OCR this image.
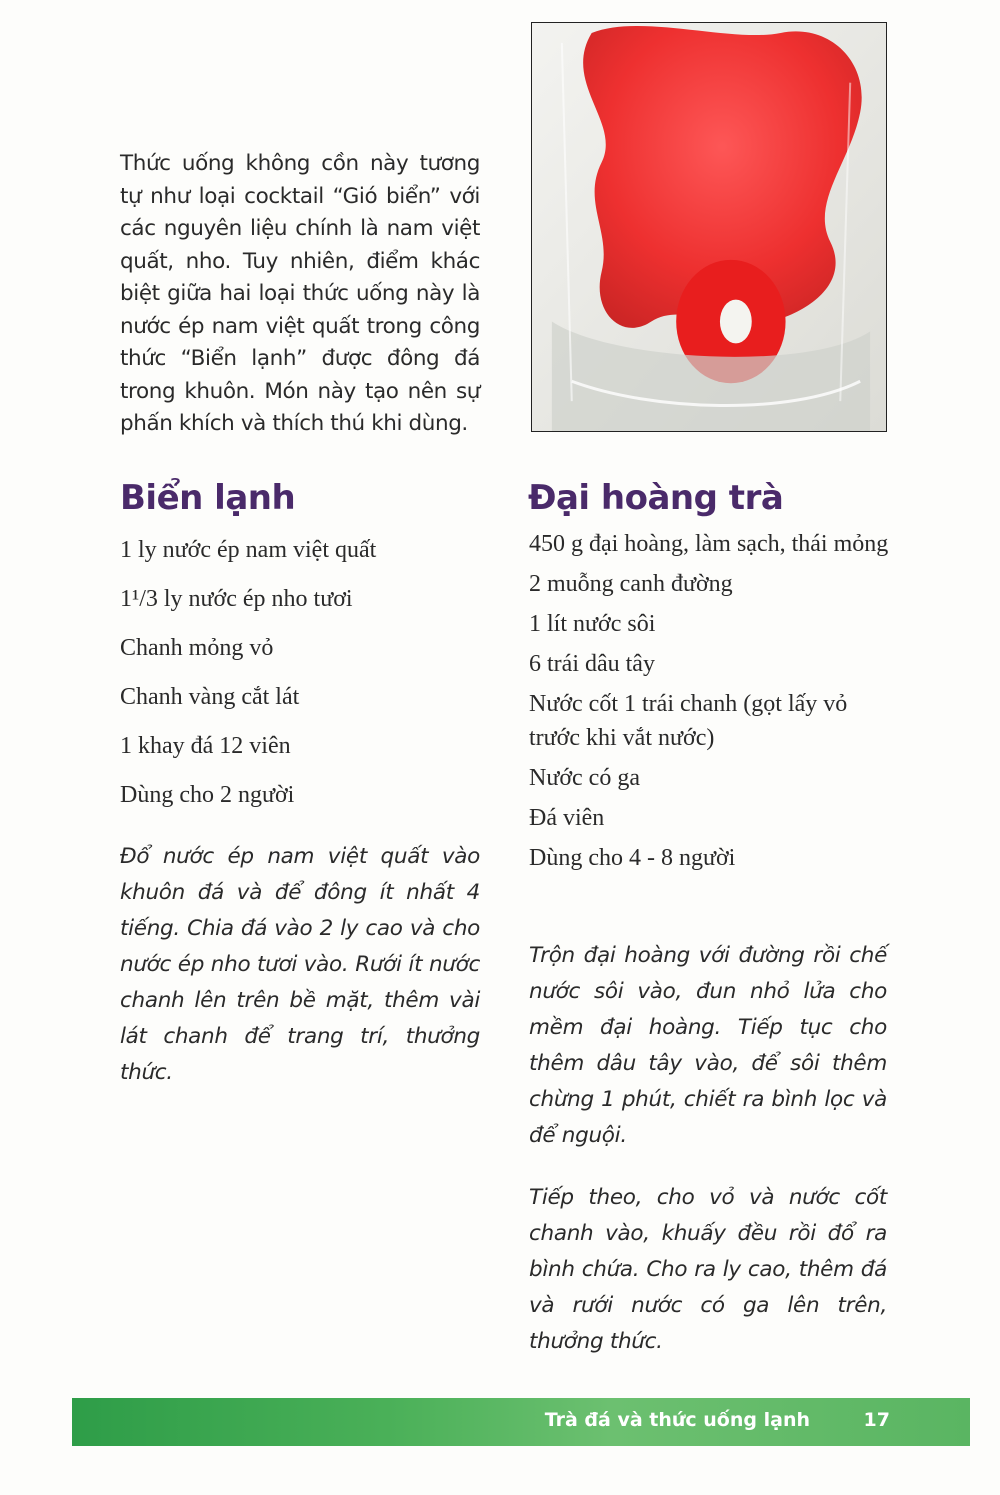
Thức uống không cồn này tương tự như loại cocktail “Gió biển” với các nguyên liệu chính là nam việt quất, nho. Tuy nhiên, điểm khác biệt giữa hai loại thức uống này là nước ép nam việt quất trong công thức “Biển lạnh” được đông đá trong khuôn. Món này tạo nên sự phấn khích và thích thú khi dùng.
Biển lạnh
1 ly nước ép nam việt quất
1¹/3 ly nước ép nho tươi
Chanh mỏng vỏ
Chanh vàng cắt lát
1 khay đá 12 viên
Dùng cho 2 người

Đổ nước ép nam việt quất vào khuôn đá và để đông ít nhất 4 tiếng. Chia đá vào 2 ly cao và cho nước ép nho tươi vào. Rưới ít nước chanh lên trên bề mặt, thêm vài lát chanh để trang trí, thưởng thức.

Đại hoàng trà
450 g đại hoàng, làm sạch, thái mỏng
2 muỗng canh đường
1 lít nước sôi
6 trái dâu tây
Nước cốt 1 trái chanh (gọt lấy vỏ trước khi vắt nước)
Nước có ga
Đá viên
Dùng cho 4 - 8 người

Trộn đại hoàng với đường rồi chế nước sôi vào, đun nhỏ lửa cho mềm đại hoàng. Tiếp tục cho thêm dâu tây vào, để sôi thêm chừng 1 phút, chiết ra bình lọc và để nguội.

Tiếp theo, cho vỏ và nước cốt chanh vào, khuấy đều rồi đổ ra bình chứa. Cho ra ly cao, thêm đá và rưới nước có ga lên trên, thưởng thức.

Trà đá và thức uống lạnh	17
